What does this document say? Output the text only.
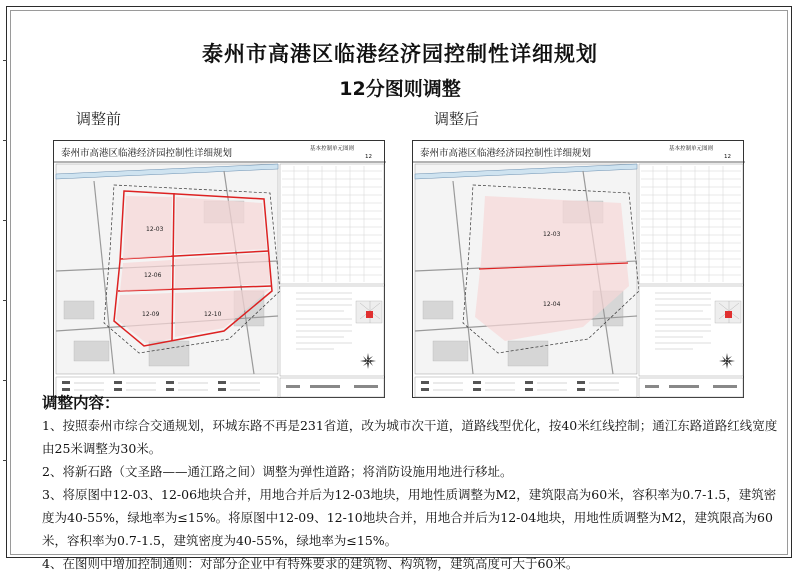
泰州市高港区临港经济园控制性详细规划
12分图则调整
调整前	调整后
泰州市高港区临港经济园控制性详细规划	基本控制单元图则
12
12-03
12-06
12-09	12-10
泰州市高港区临港经济园控制性详细规划	基本控制单元图则
12
12-03
12-04
调整内容：

1、按照泰州市综合交通规划，环城东路不再是231省道，改为城市次干道，道路线型优化，按40米红线控制；通江东路道路红线宽度由25米调整为30米。

2、将新石路（文圣路——通江路之间）调整为弹性道路；将消防设施用地进行移址。

3、将原图中12-03、12-06地块合并，用地合并后为12-03地块，用地性质调整为M2，建筑限高为60米，容积率为0.7-1.5，建筑密度为40-55%，绿地率为≤15%。将原图中12-09、12-10地块合并，用地合并后为12-04地块，用地性质调整为M2，建筑限高为60米，容积率为0.7-1.5，建筑密度为40-55%，绿地率为≤15%。

4、在图则中增加控制通则：对部分企业中有特殊要求的建筑物、构筑物，建筑高度可大于60米。
